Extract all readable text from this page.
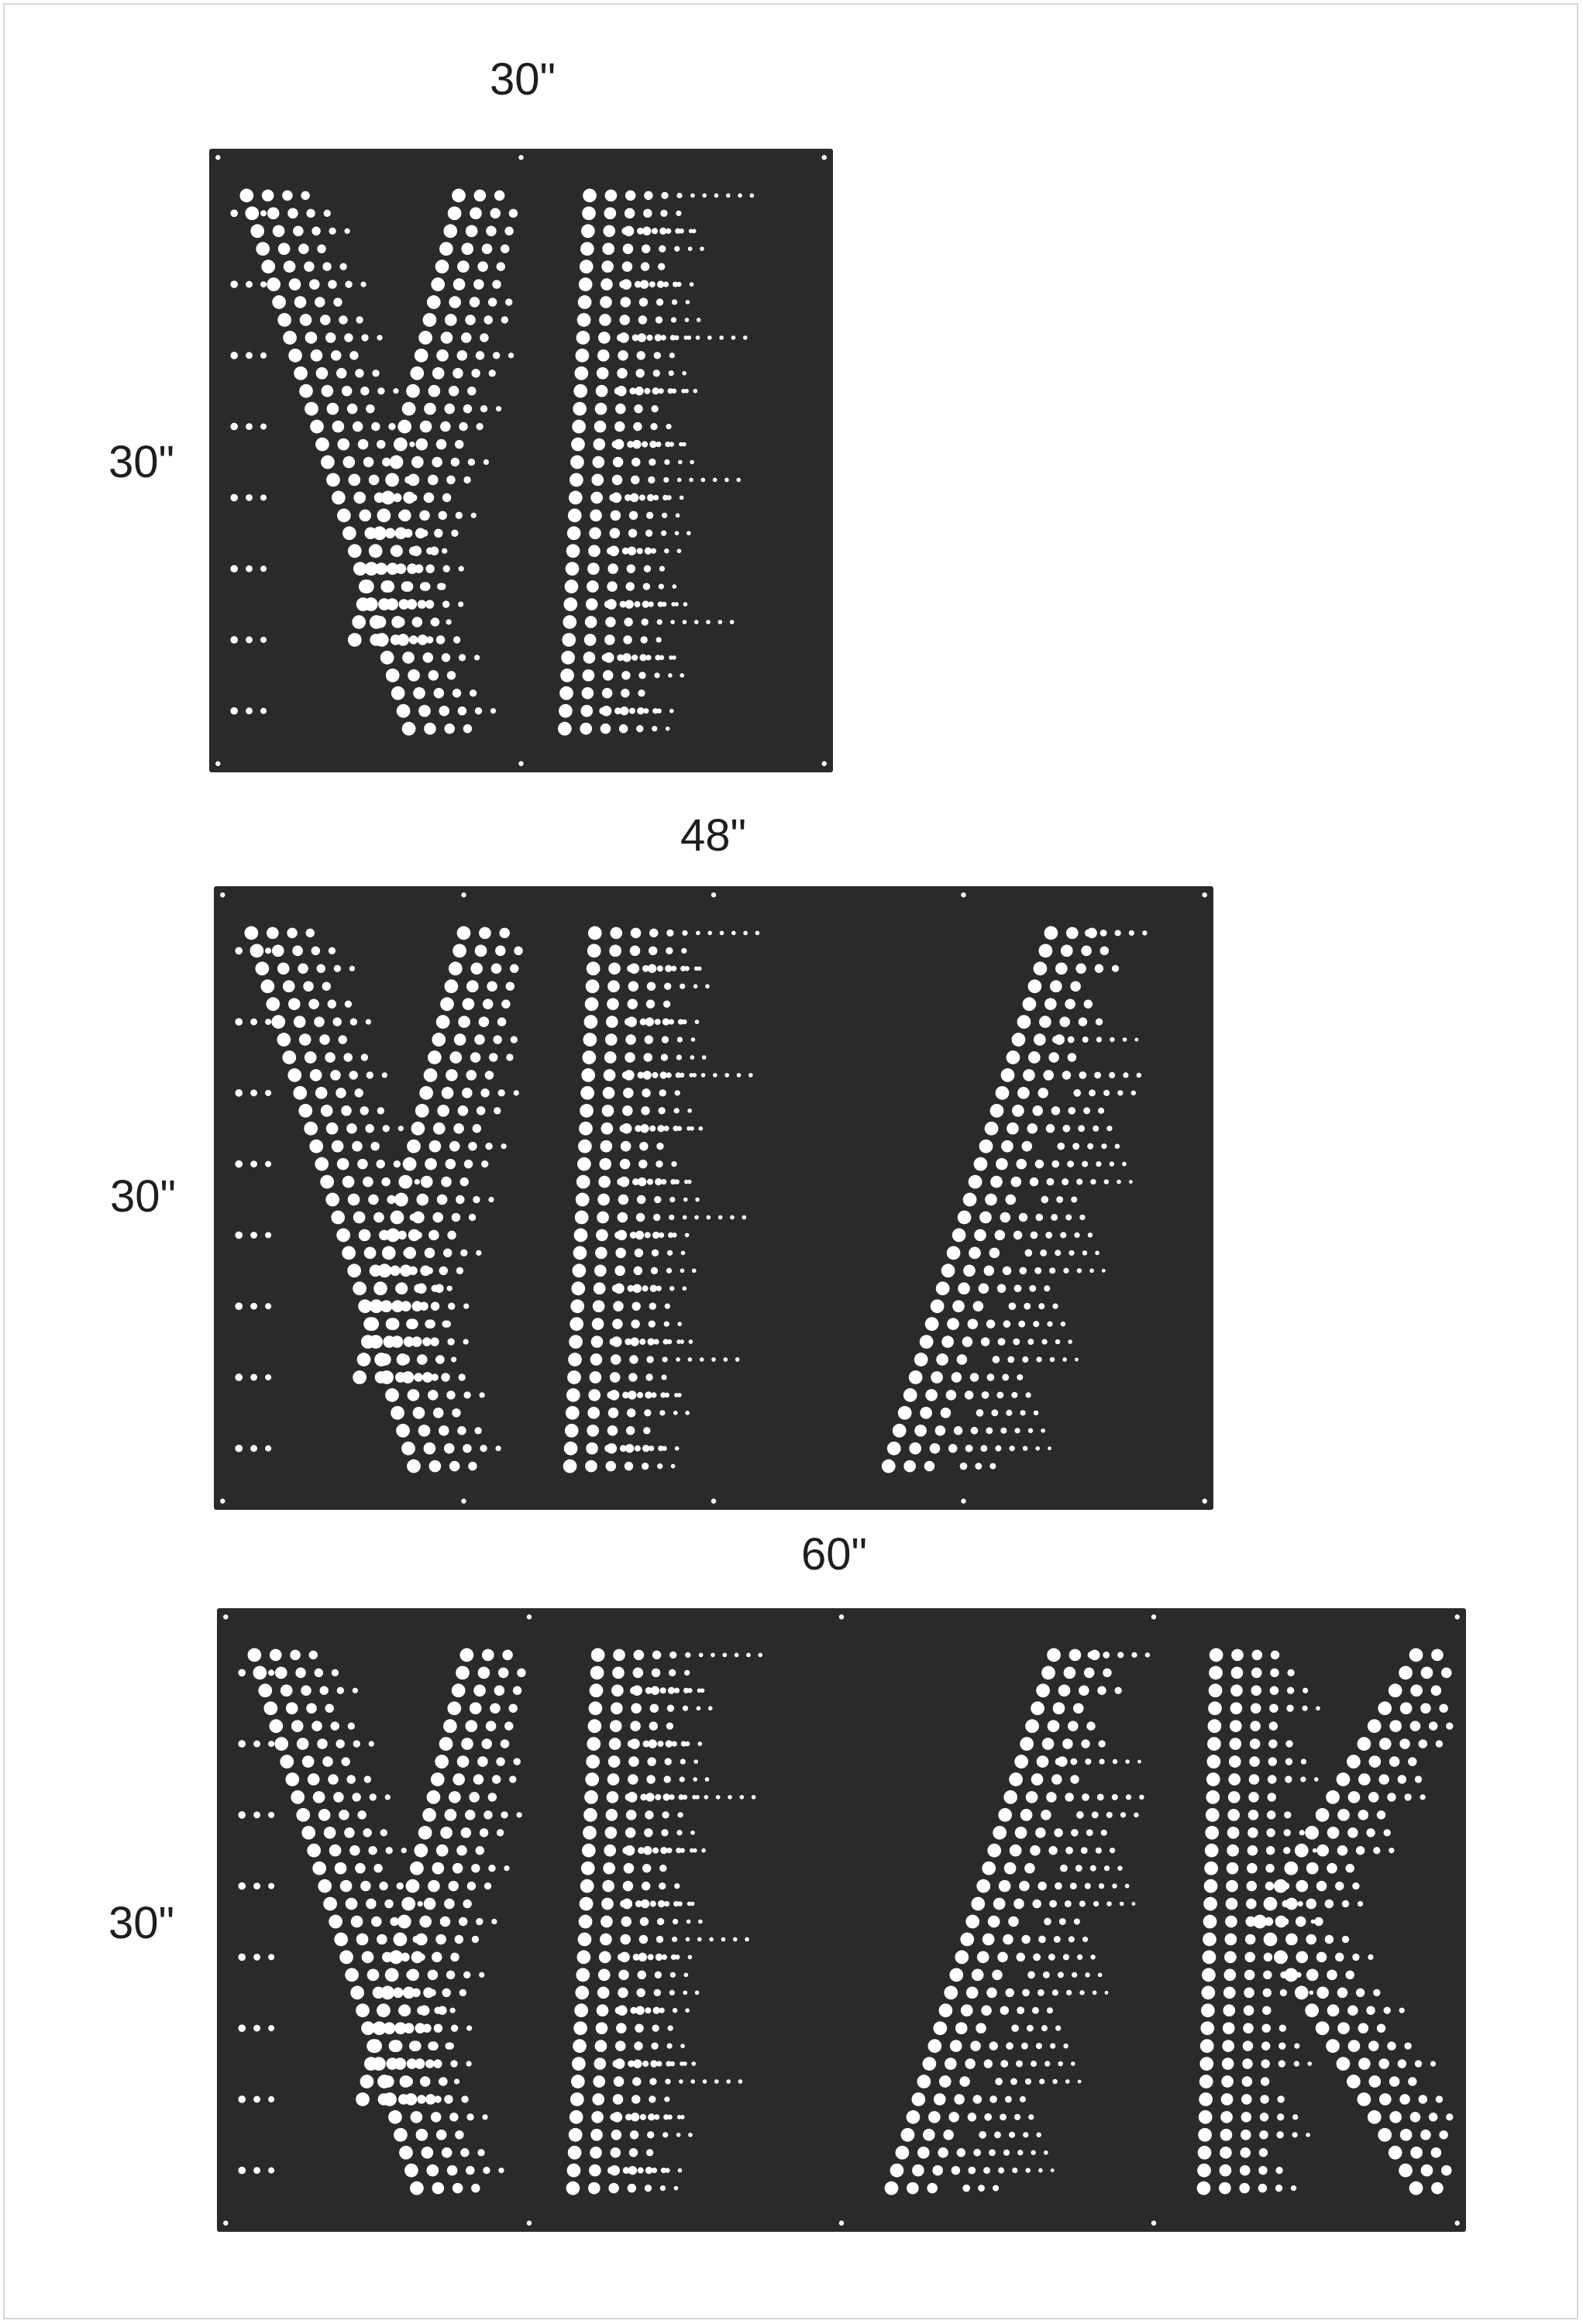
30"
30"
48"
30"
60"
30"
